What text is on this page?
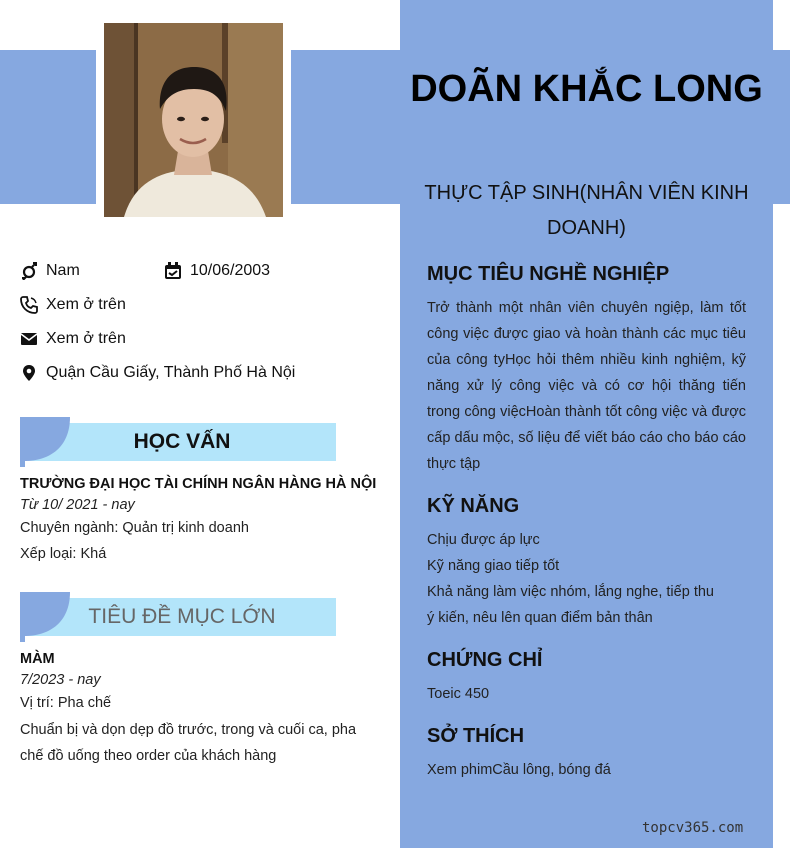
Nam	10/06/2003
Xem ở trên
Xem ở trên
Quận Cầu Giấy, Thành Phố Hà Nội
HỌC VẤN
TRƯỜNG ĐẠI HỌC TÀI CHÍNH NGÂN HÀNG HÀ NỘI
Từ 10/ 2021 - nay
Chuyên ngành: Quản trị kinh doanh
Xếp loại: Khá
TIÊU ĐỀ MỤC LỚN
MÀM
7/2023 - nay
Vị trí: Pha chế
Chuẩn bị và dọn dẹp đồ trước, trong và cuối ca, pha chế đồ uống theo order của khách hàng
DOÃN KHẮC LONG
THỰC TẬP SINH(NHÂN VIÊN KINH DOANH)
MỤC TIÊU NGHỀ NGHIỆP
Trở thành một nhân viên chuyên ngiệp, làm tốt công việc được giao và hoàn thành các mục tiêu của công tyHọc hỏi thêm nhiều kinh nghiệm, kỹ năng xử lý công việc và có cơ hội thăng tiến trong công việcHoàn thành tốt công việc và được cấp dấu mộc, số liệu để viết báo cáo cho báo cáo thực tập
KỸ NĂNG
Chịu được áp lực
Kỹ năng giao tiếp tốt
Khả năng làm việc nhóm, lắng nghe, tiếp thu ý kiến, nêu lên quan điểm bản thân
CHỨNG CHỈ
Toeic 450
SỞ THÍCH
Xem phimCầu lông, bóng đá
topcv365.com
